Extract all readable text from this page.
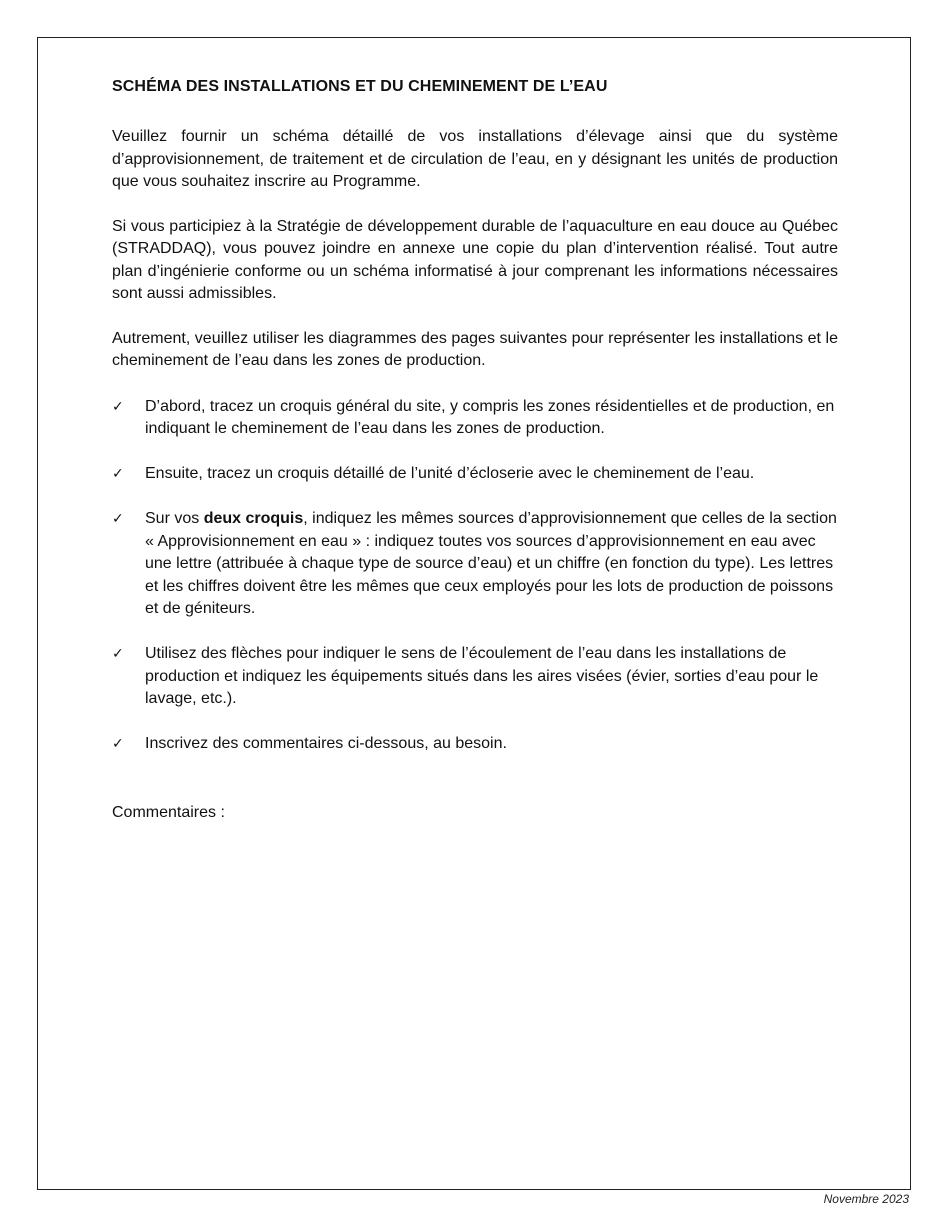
SCHÉMA DES INSTALLATIONS ET DU CHEMINEMENT DE L’EAU

Veuillez fournir un schéma détaillé de vos installations d’élevage ainsi que du système d’approvisionnement, de traitement et de circulation de l’eau, en y désignant les unités de production que vous souhaitez inscrire au Programme.

Si vous participiez à la Stratégie de développement durable de l’aquaculture en eau douce au Québec (STRADDAQ), vous pouvez joindre en annexe une copie du plan d’intervention réalisé. Tout autre plan d’ingénierie conforme ou un schéma informatisé à jour comprenant les informations nécessaires sont aussi admissibles.

Autrement, veuillez utiliser les diagrammes des pages suivantes pour représenter les installations et le cheminement de l’eau dans les zones de production.

✓ D’abord, tracez un croquis général du site, y compris les zones résidentielles et de production, en indiquant le cheminement de l’eau dans les zones de production.
✓ Ensuite, tracez un croquis détaillé de l’unité d’écloserie avec le cheminement de l’eau.
✓ Sur vos deux croquis, indiquez les mêmes sources d’approvisionnement que celles de la section « Approvisionnement en eau » : indiquez toutes vos sources d’approvisionnement en eau avec une lettre (attribuée à chaque type de source d’eau) et un chiffre (en fonction du type). Les lettres et les chiffres doivent être les mêmes que ceux employés pour les lots de production de poissons et de géniteurs.
✓ Utilisez des flèches pour indiquer le sens de l’écoulement de l’eau dans les installations de production et indiquez les équipements situés dans les aires visées (évier, sorties d’eau pour le lavage, etc.).
✓ Inscrivez des commentaires ci-dessous, au besoin.
Commentaires :
Novembre 2023
